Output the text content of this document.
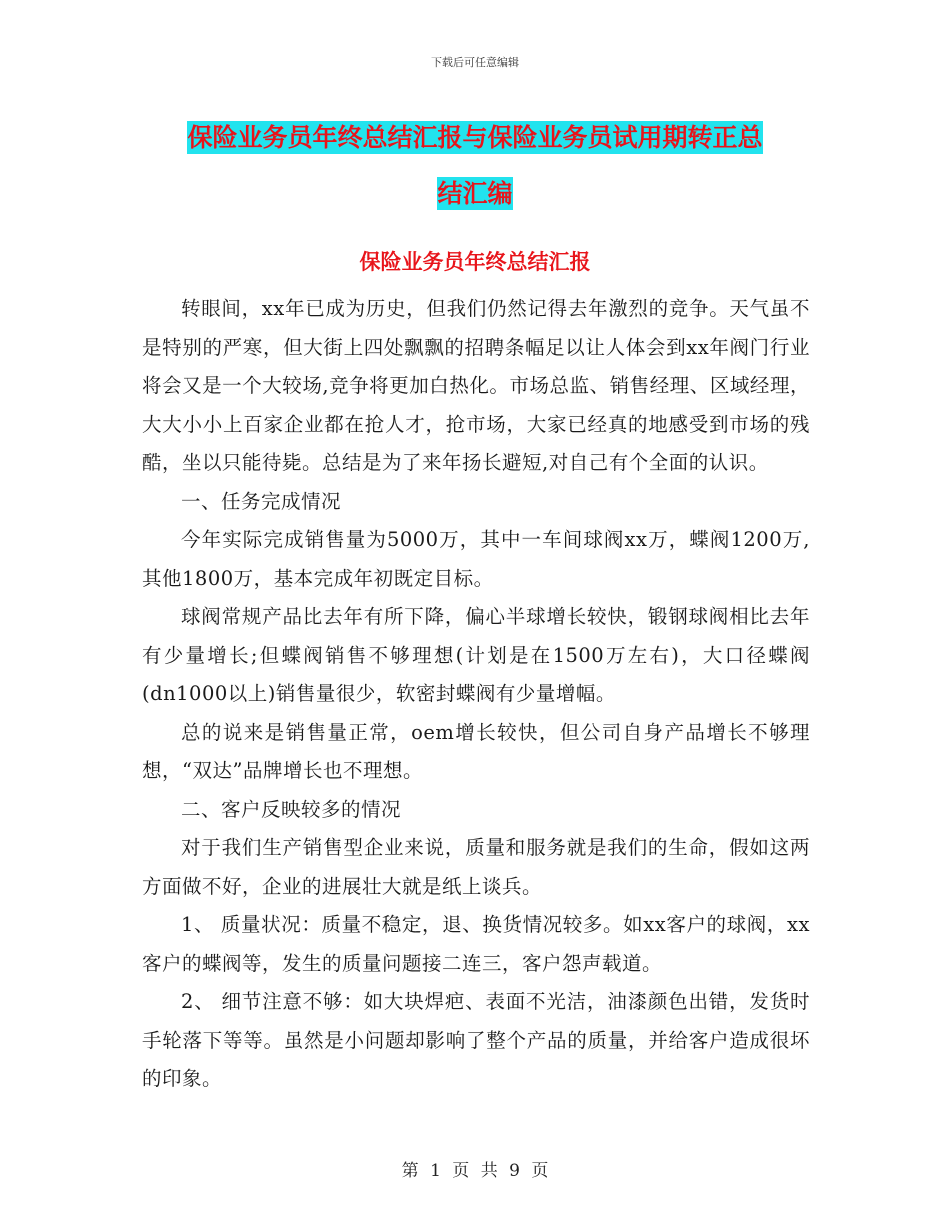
下载后可任意编辑
保险业务员年终总结汇报与保险业务员试用期转正总
结汇编
保险业务员年终总结汇报

转眼间，xx年已成为历史，但我们仍然记得去年激烈的竞争。天气虽不是特别的严寒，但大街上四处飘飘的招聘条幅足以让人体会到xx年阀门行业将会又是一个大较场,竞争将更加白热化。市场总监、销售经理、区域经理，大大小小上百家企业都在抢人才，抢市场，大家已经真的地感受到市场的残酷，坐以只能待毙。总结是为了来年扬长避短,对自己有个全面的认识。

一、任务完成情况

今年实际完成销售量为5000万，其中一车间球阀xx万，蝶阀1200万,其他1800万，基本完成年初既定目标。

球阀常规产品比去年有所下降，偏心半球增长较快，锻钢球阀相比去年有少量增长;但蝶阀销售不够理想(计划是在1500万左右)，大口径蝶阀(dn1000以上)销售量很少，软密封蝶阀有少量增幅。

总的说来是销售量正常，oem增长较快，但公司自身产品增长不够理想，“双达”品牌增长也不理想。

二、客户反映较多的情况

对于我们生产销售型企业来说，质量和服务就是我们的生命，假如这两方面做不好，企业的进展壮大就是纸上谈兵。

1、 质量状况：质量不稳定，退、换货情况较多。如xx客户的球阀，xx客户的蝶阀等，发生的质量问题接二连三，客户怨声载道。

2、 细节注意不够：如大块焊疤、表面不光洁，油漆颜色出错，发货时手轮落下等等。虽然是小问题却影响了整个产品的质量，并给客户造成很坏的印象。

第 1 页 共 9 页
